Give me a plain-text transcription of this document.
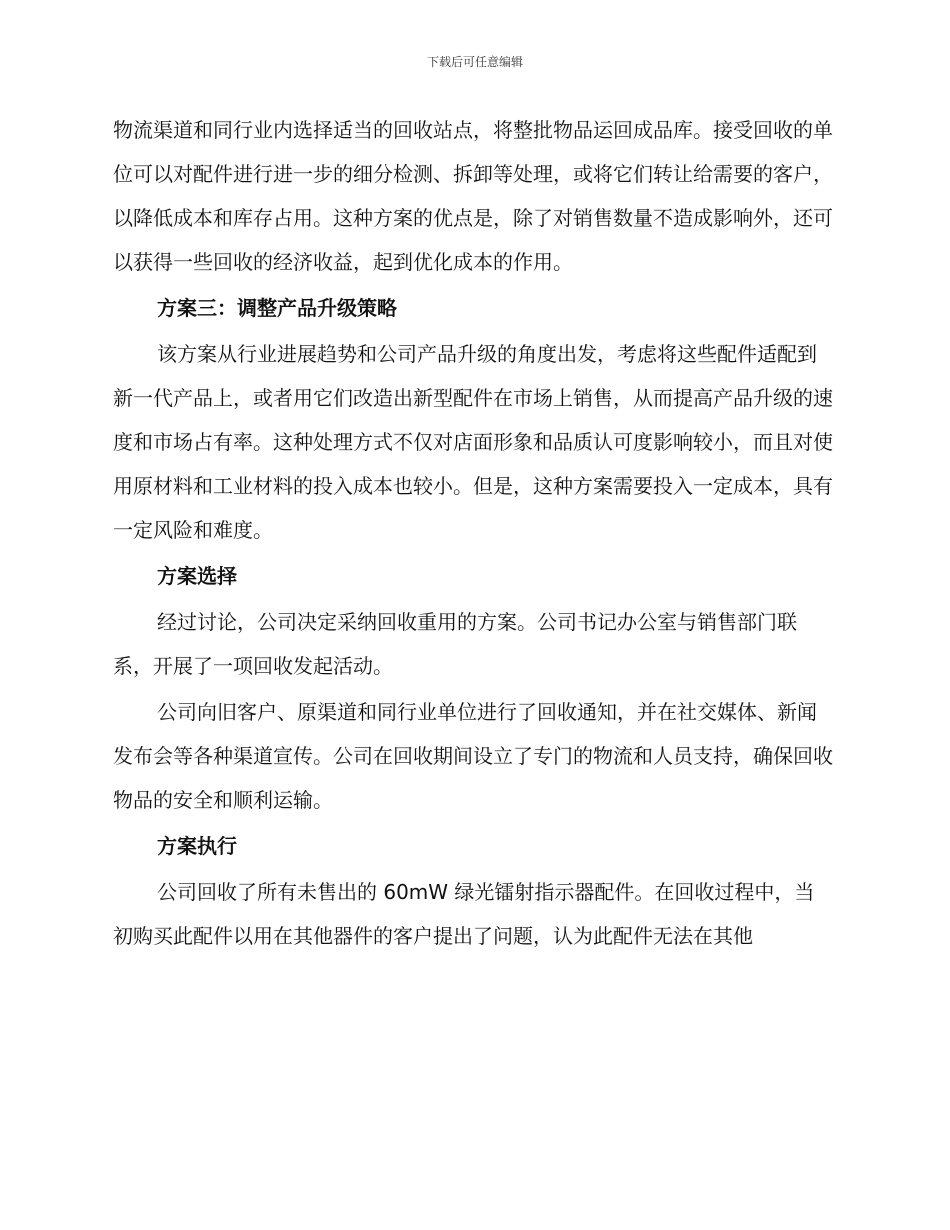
下载后可任意编辑

物流渠道和同行业内选择适当的回收站点，将整批物品运回成品库。接受回收的单位可以对配件进行进一步的细分检测、拆卸等处理，或将它们转让给需要的客户，以降低成本和库存占用。这种方案的优点是，除了对销售数量不造成影响外，还可以获得一些回收的经济收益，起到优化成本的作用。

方案三：调整产品升级策略

该方案从行业进展趋势和公司产品升级的角度出发，考虑将这些配件适配到新一代产品上，或者用它们改造出新型配件在市场上销售，从而提高产品升级的速度和市场占有率。这种处理方式不仅对店面形象和品质认可度影响较小，而且对使用原材料和工业材料的投入成本也较小。但是，这种方案需要投入一定成本，具有一定风险和难度。

方案选择

经过讨论，公司决定采纳回收重用的方案。公司书记办公室与销售部门联系，开展了一项回收发起活动。

公司向旧客户、原渠道和同行业单位进行了回收通知，并在社交媒体、新闻发布会等各种渠道宣传。公司在回收期间设立了专门的物流和人员支持，确保回收物品的安全和顺利运输。

方案执行

公司回收了所有未售出的 60mW 绿光镭射指示器配件。在回收过程中，当初购买此配件以用在其他器件的客户提出了问题，认为此配件无法在其他
